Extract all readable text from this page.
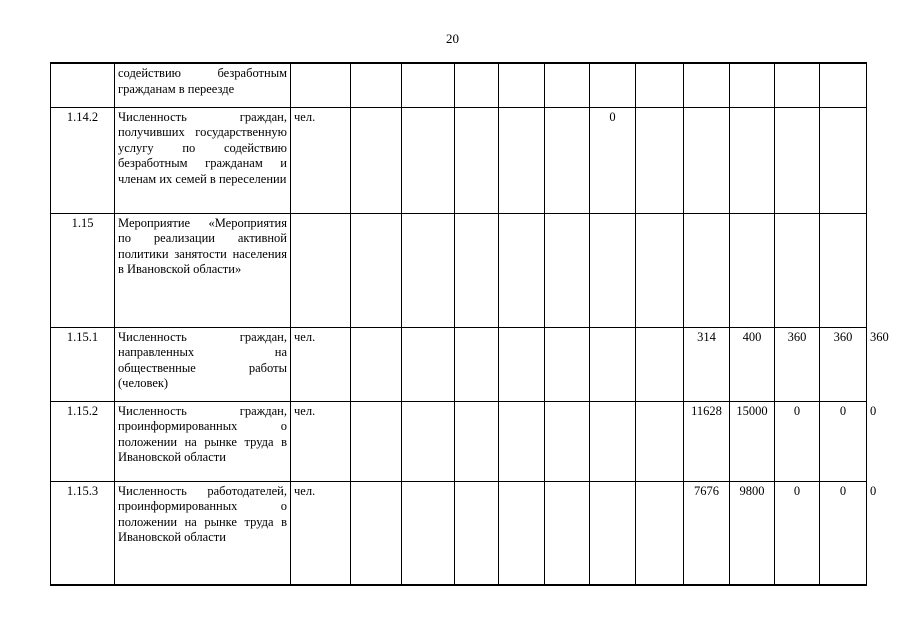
20
	содействию безработным гражданам в переезде													
1.14.2	Численность граждан, получивших государственную услугу по содействию безработным гражданам и членам их семей в переселении	чел.						0						
1.15	Мероприятие «Мероприятия по реализации активной политики занятости населения в Ивановской области»													
1.15.1	Численность граждан, направленных на общественные работы (человек)	чел.								314	400	360	360	360
1.15.2	Численность граждан, проинформированных о положении на рынке труда в Ивановской области	чел.								11628	15000	0	0	0
1.15.3	Численность работодателей, проинформированных о положении на рынке труда в Ивановской области	чел.								7676	9800	0	0	0
